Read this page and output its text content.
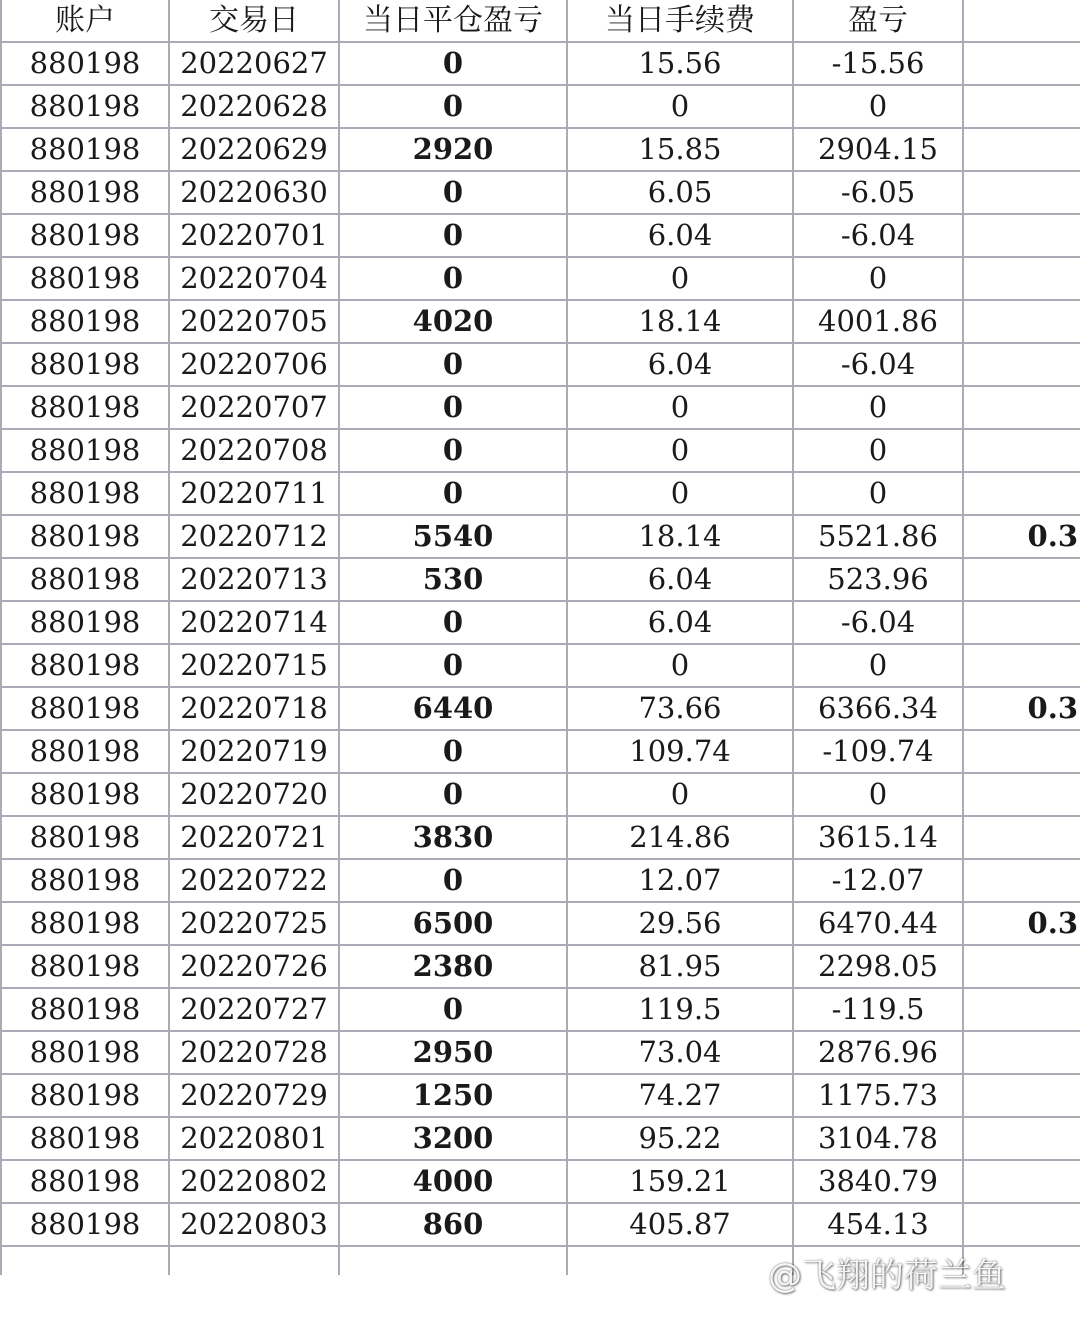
账户	交易日	当日平仓盈亏	当日手续费	盈亏	
880198	20220627	0	15.56	-15.56	
880198	20220628	0	0	0	
880198	20220629	2920	15.85	2904.15	
880198	20220630	0	6.05	-6.05	
880198	20220701	0	6.04	-6.04	
880198	20220704	0	0	0	
880198	20220705	4020	18.14	4001.86	
880198	20220706	0	6.04	-6.04	
880198	20220707	0	0	0	
880198	20220708	0	0	0	
880198	20220711	0	0	0	
880198	20220712	5540	18.14	5521.86	0.3
880198	20220713	530	6.04	523.96	
880198	20220714	0	6.04	-6.04	
880198	20220715	0	0	0	
880198	20220718	6440	73.66	6366.34	0.3
880198	20220719	0	109.74	-109.74	
880198	20220720	0	0	0	
880198	20220721	3830	214.86	3615.14	
880198	20220722	0	12.07	-12.07	
880198	20220725	6500	29.56	6470.44	0.3
880198	20220726	2380	81.95	2298.05	
880198	20220727	0	119.5	-119.5	
880198	20220728	2950	73.04	2876.96	
880198	20220729	1250	74.27	1175.73	
880198	20220801	3200	95.22	3104.78	
880198	20220802	4000	159.21	3840.79	
880198	20220803	860	405.87	454.13	

@飞翔的荷兰鱼
